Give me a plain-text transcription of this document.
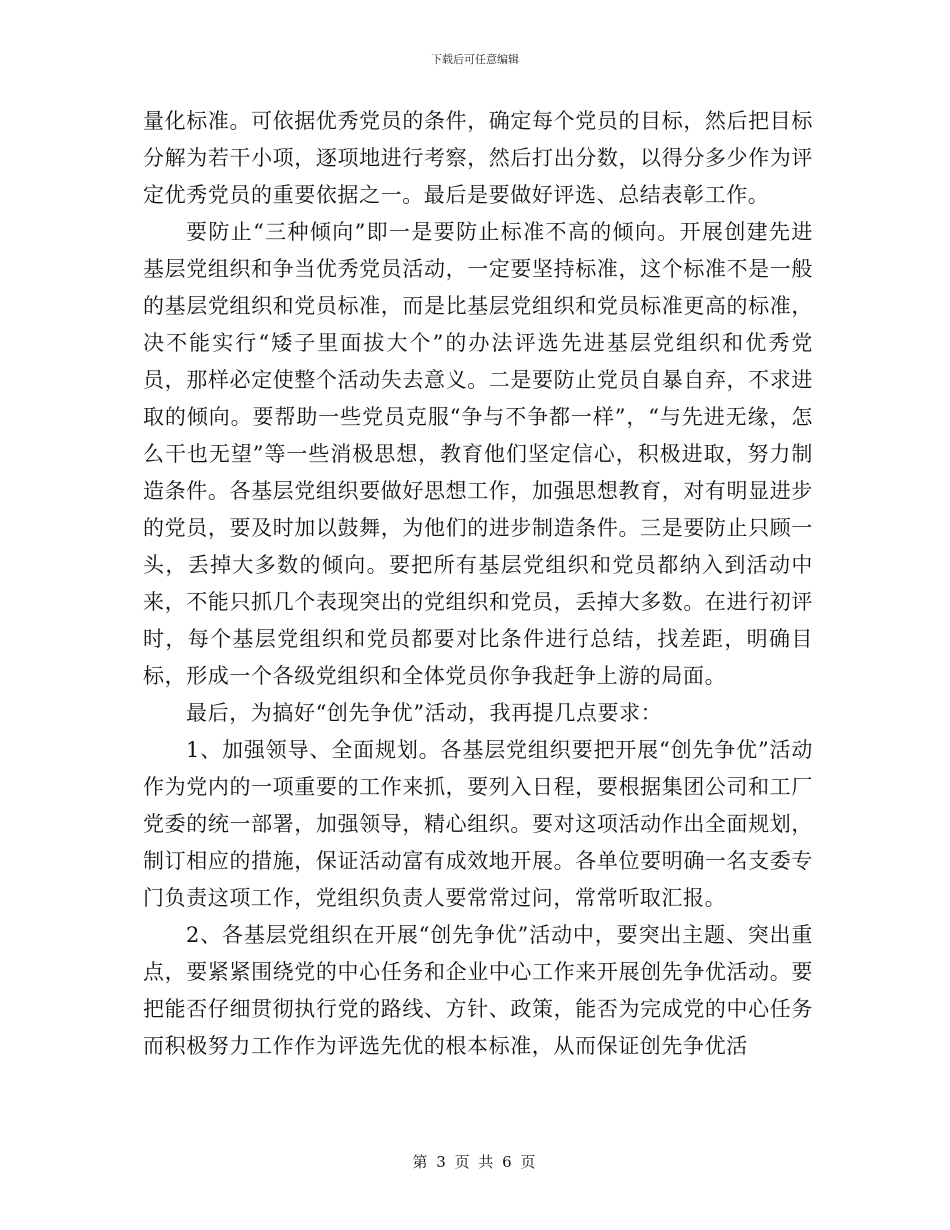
下载后可任意编辑

量化标准。可依据优秀党员的条件，确定每个党员的目标，然后把目标分解为若干小项，逐项地进行考察，然后打出分数，以得分多少作为评定优秀党员的重要依据之一。最后是要做好评选、总结表彰工作。

要防止“三种倾向”即一是要防止标准不高的倾向。开展创建先进基层党组织和争当优秀党员活动，一定要坚持标准，这个标准不是一般的基层党组织和党员标准，而是比基层党组织和党员标准更高的标准，决不能实行“矮子里面拔大个”的办法评选先进基层党组织和优秀党员，那样必定使整个活动失去意义。二是要防止党员自暴自弃，不求进取的倾向。要帮助一些党员克服“争与不争都一样”，“与先进无缘，怎么干也无望”等一些消极思想，教育他们坚定信心，积极进取，努力制造条件。各基层党组织要做好思想工作，加强思想教育，对有明显进步的党员，要及时加以鼓舞，为他们的进步制造条件。三是要防止只顾一头，丢掉大多数的倾向。要把所有基层党组织和党员都纳入到活动中来，不能只抓几个表现突出的党组织和党员，丢掉大多数。在进行初评时，每个基层党组织和党员都要对比条件进行总结，找差距，明确目标，形成一个各级党组织和全体党员你争我赶争上游的局面。

最后，为搞好“创先争优”活动，我再提几点要求：

1、加强领导、全面规划。各基层党组织要把开展“创先争优”活动作为党内的一项重要的工作来抓，要列入日程，要根据集团公司和工厂党委的统一部署，加强领导，精心组织。要对这项活动作出全面规划，制订相应的措施，保证活动富有成效地开展。各单位要明确一名支委专门负责这项工作，党组织负责人要常常过问，常常听取汇报。

2、各基层党组织在开展“创先争优”活动中，要突出主题、突出重点，要紧紧围绕党的中心任务和企业中心工作来开展创先争优活动。要把能否仔细贯彻执行党的路线、方针、政策，能否为完成党的中心任务而积极努力工作作为评选先优的根本标准，从而保证创先争优活

第 3 页 共 6 页
